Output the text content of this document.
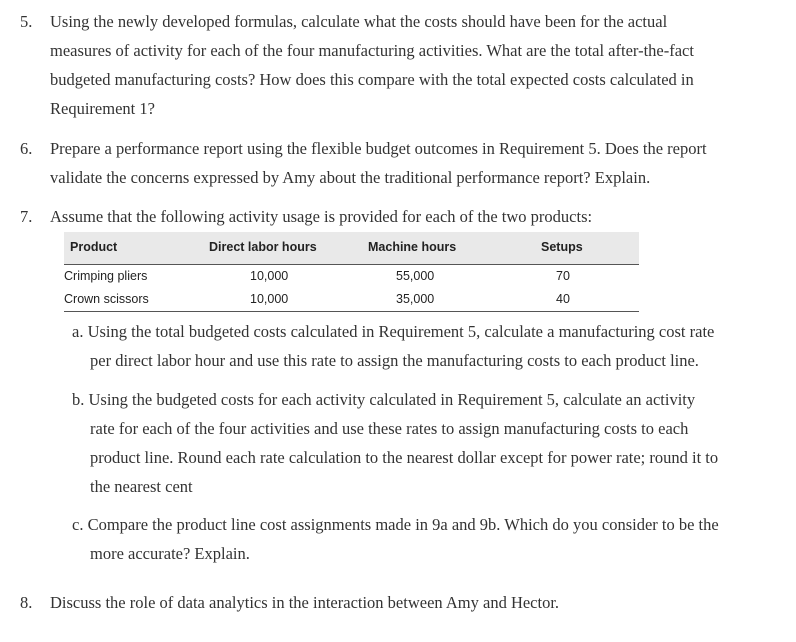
5. Using the newly developed formulas, calculate what the costs should have been for the actual
measures of activity for each of the four manufacturing activities. What are the total after-the-fact
budgeted manufacturing costs? How does this compare with the total expected costs calculated in
Requirement 1?
6. Prepare a performance report using the flexible budget outcomes in Requirement 5. Does the report
validate the concerns expressed by Amy about the traditional performance report? Explain.
7. Assume that the following activity usage is provided for each of the two products:
Product	Direct labor hours	Machine hours	Setups
Crimping pliers	10,000	55,000	70
Crown scissors	10,000	35,000	40
a. Using the total budgeted costs calculated in Requirement 5, calculate a manufacturing cost rate
per direct labor hour and use this rate to assign the manufacturing costs to each product line.
b. Using the budgeted costs for each activity calculated in Requirement 5, calculate an activity
rate for each of the four activities and use these rates to assign manufacturing costs to each
product line. Round each rate calculation to the nearest dollar except for power rate; round it to
the nearest cent
c. Compare the product line cost assignments made in 9a and 9b. Which do you consider to be the
more accurate? Explain.
8. Discuss the role of data analytics in the interaction between Amy and Hector.
